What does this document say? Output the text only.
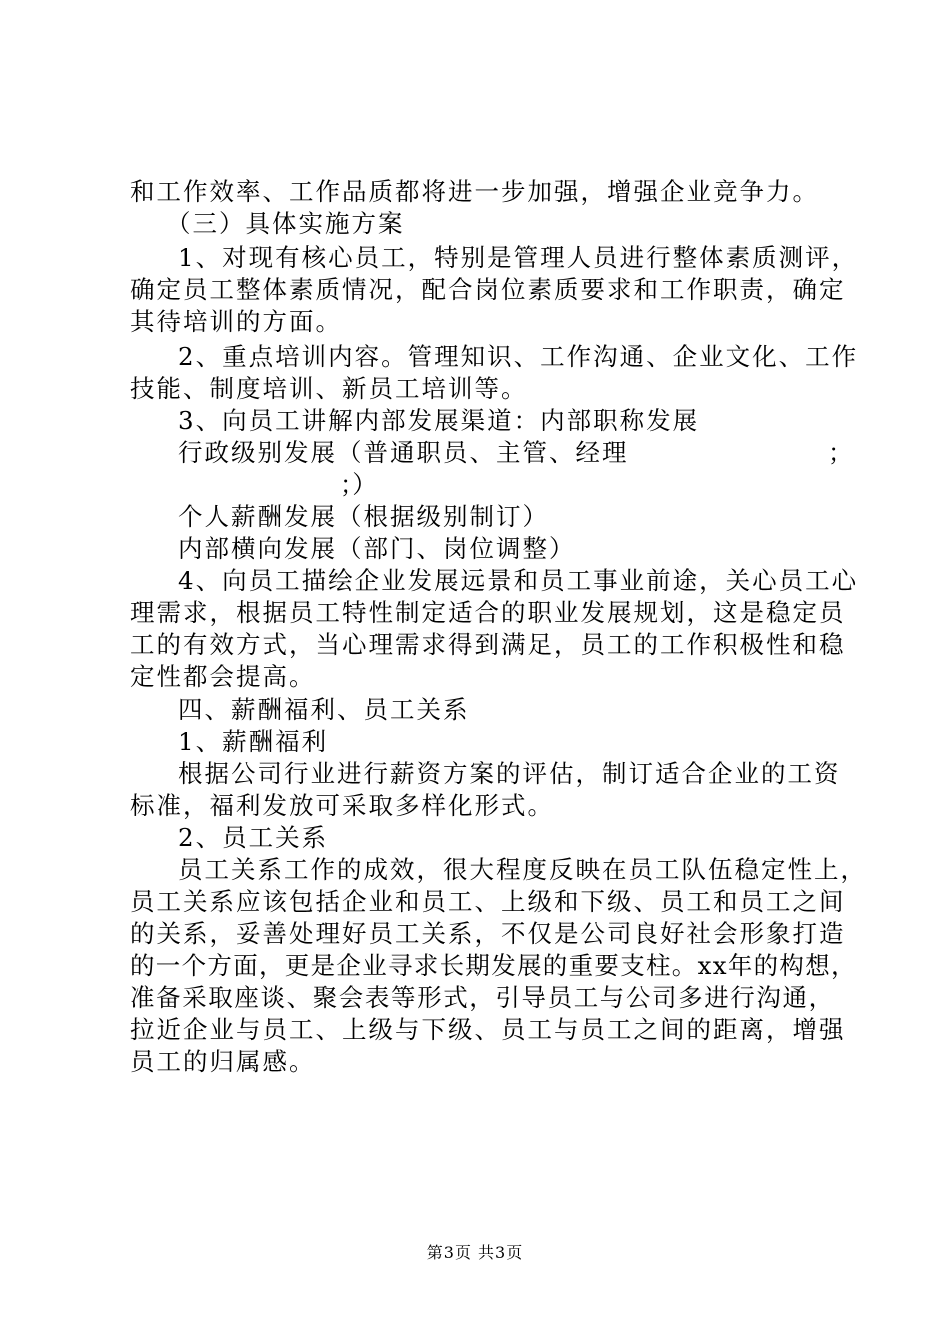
和工作效率、工作品质都将进一步加强，增强企业竞争力。
（三）具体实施方案
1、对现有核心员工，特别是管理人员进行整体素质测评，
确定员工整体素质情况，配合岗位素质要求和工作职责，确定
其待培训的方面。
2、重点培训内容。管理知识、工作沟通、企业文化、工作
技能、制度培训、新员工培训等。
3、向员工讲解内部发展渠道：内部职称发展
行政级别发展（普通职员、主管、经理	；
；）
个人薪酬发展（根据级别制订）
内部横向发展（部门、岗位调整）
4、向员工描绘企业发展远景和员工事业前途，关心员工心
理需求，根据员工特性制定适合的职业发展规划，这是稳定员
工的有效方式，当心理需求得到满足，员工的工作积极性和稳
定性都会提高。
四、薪酬福利、员工关系
1、薪酬福利
根据公司行业进行薪资方案的评估，制订适合企业的工资
标准，福利发放可采取多样化形式。
2、员工关系
员工关系工作的成效，很大程度反映在员工队伍稳定性上，
员工关系应该包括企业和员工、上级和下级、员工和员工之间
的关系，妥善处理好员工关系，不仅是公司良好社会形象打造
的一个方面，更是企业寻求长期发展的重要支柱。xx年的构想，
准备采取座谈、聚会表等形式，引导员工与公司多进行沟通，
拉近企业与员工、上级与下级、员工与员工之间的距离，增强
员工的归属感。
第3页 共3页
